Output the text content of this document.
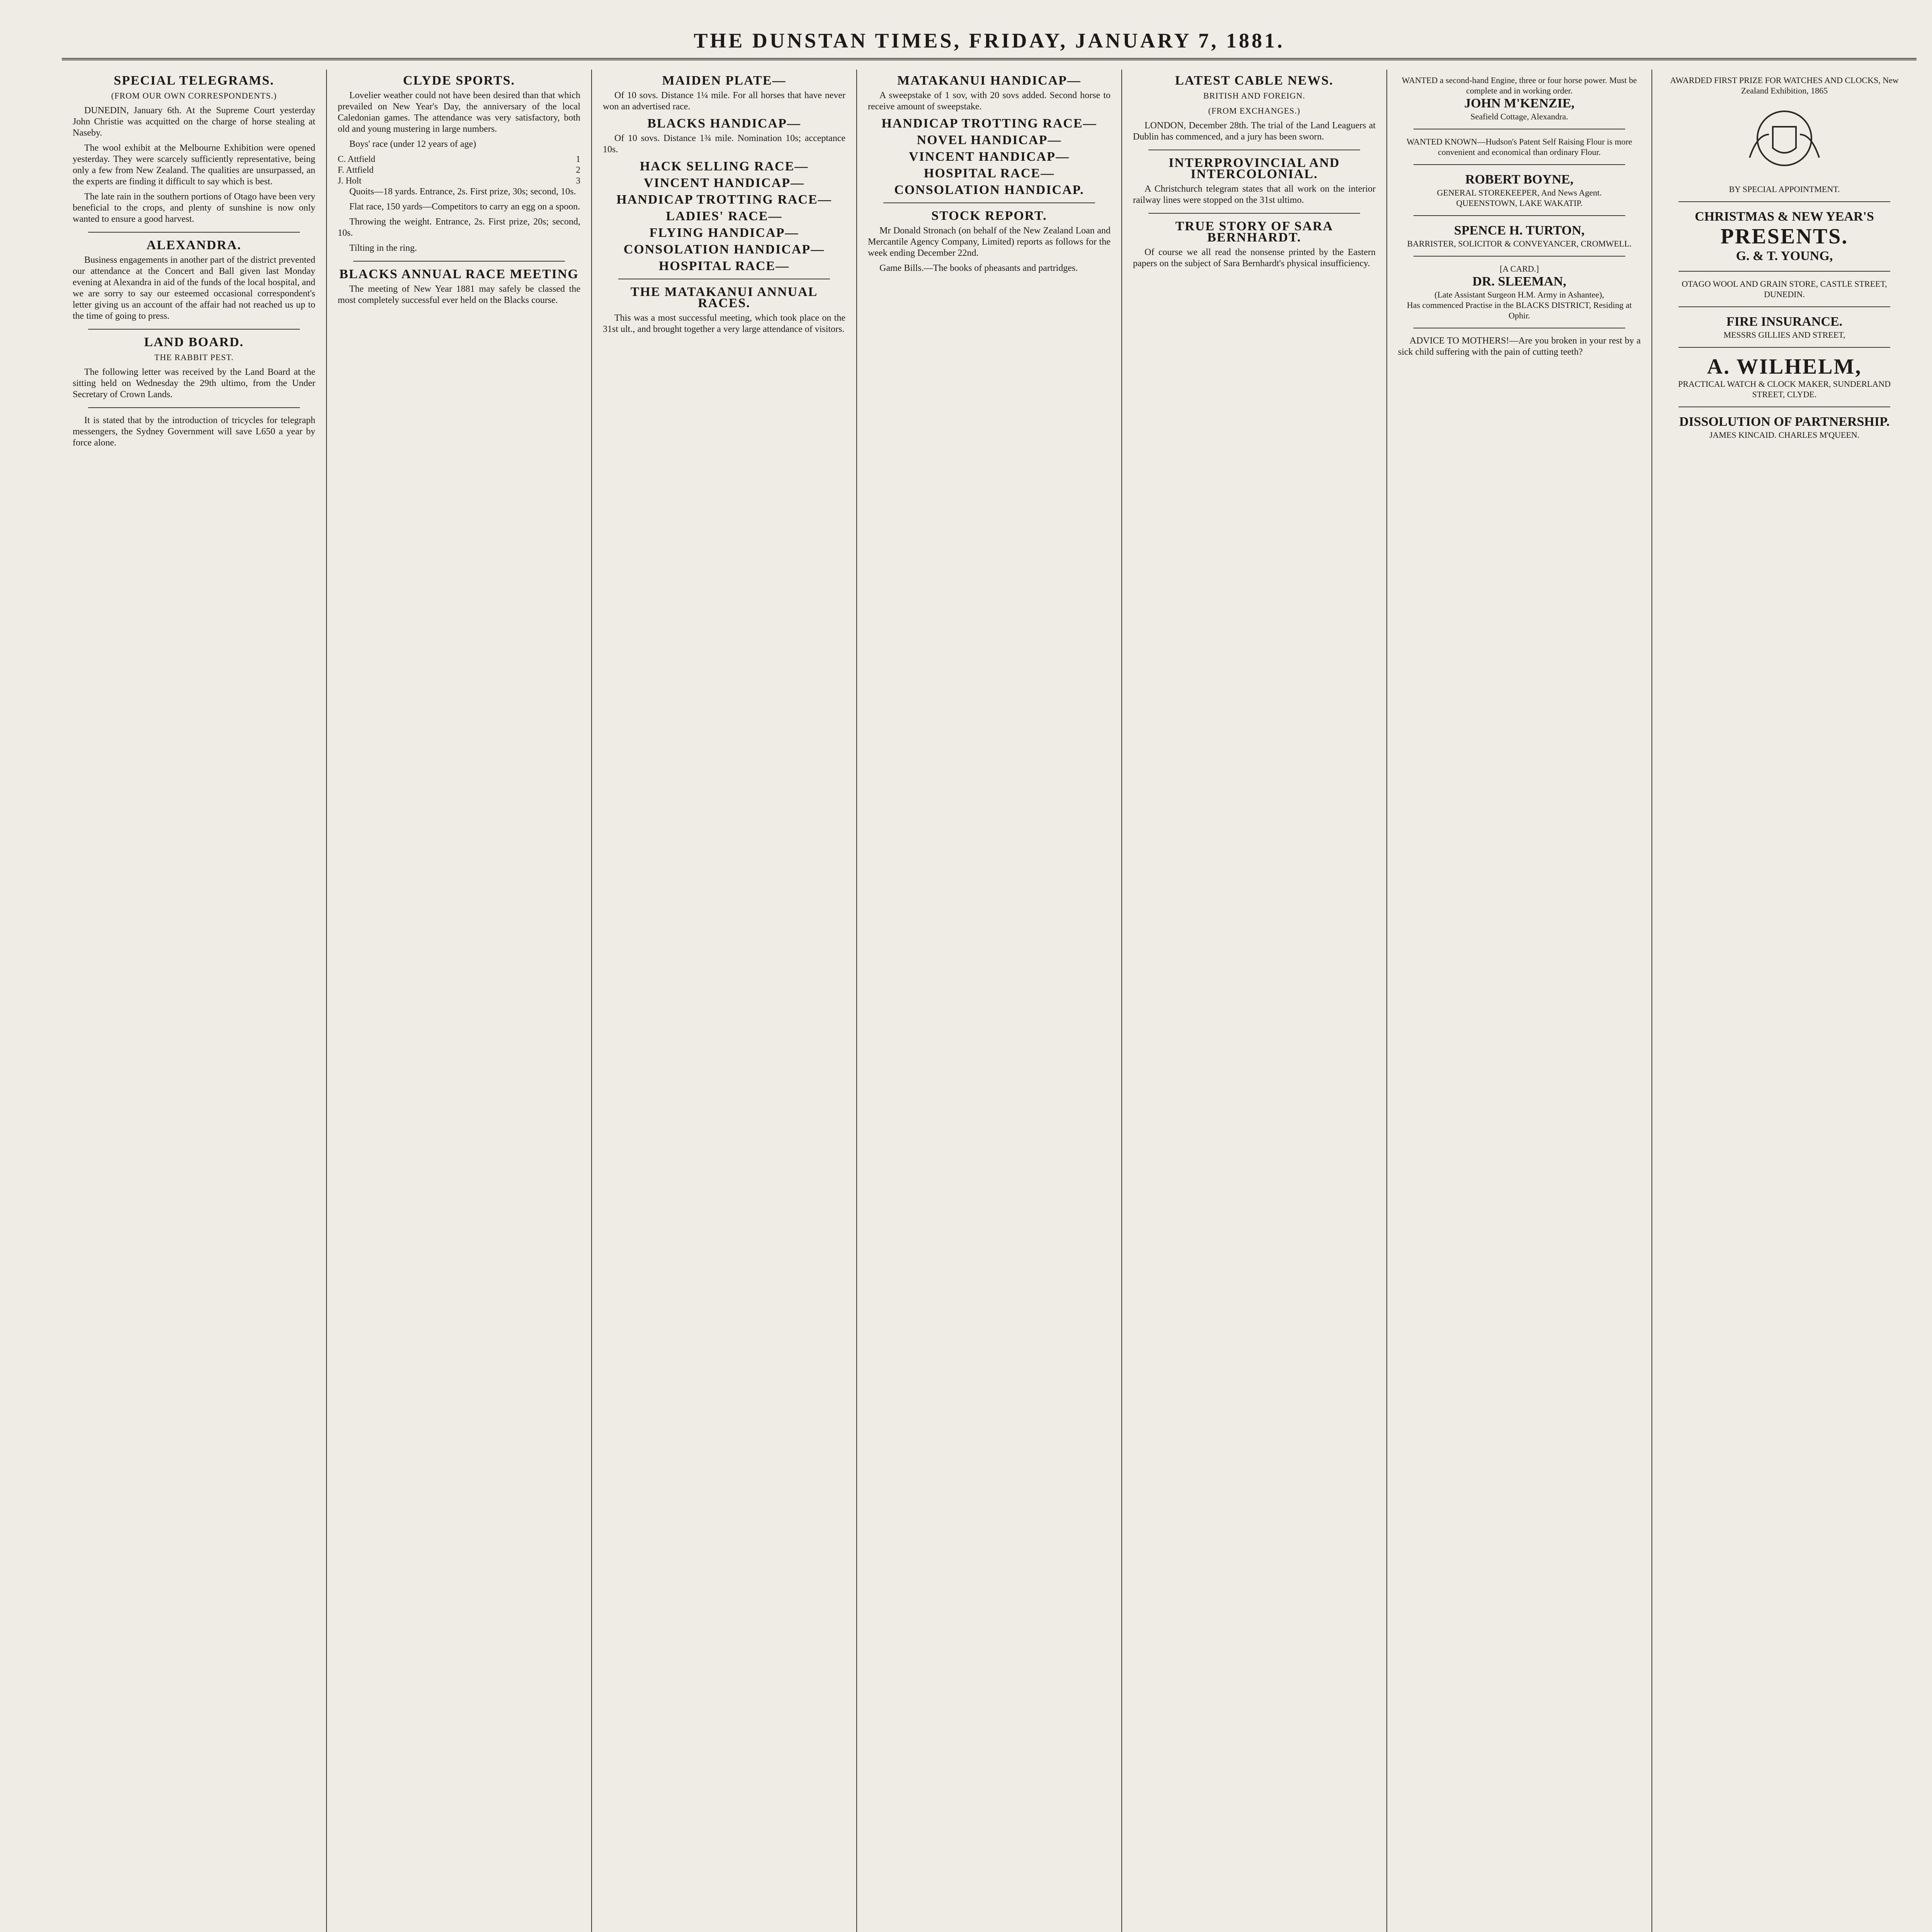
THE DUNSTAN TIMES, FRIDAY, JANUARY 7, 1881.
SPECIAL TELEGRAMS.
(FROM OUR OWN CORRESPONDENTS.)

DUNEDIN, January 6th. At the Supreme Court yesterday John Christie was acquitted on the charge of horse stealing at Naseby.

The wool exhibit at the Melbourne Exhibition were opened yesterday. They were scarcely sufficiently representative, being only a few from New Zealand. The qualities are unsurpassed, an the experts are finding it difficult to say which is best.

The late rain in the southern portions of Otago have been very beneficial to the crops, and plenty of sunshine is now only wanted to ensure a good harvest.

ALEXANDRA.

Business engagements in another part of the district prevented our attendance at the Concert and Ball given last Monday evening at Alexandra in aid of the funds of the local hospital, and we are sorry to say our esteemed occasional correspondent's letter giving us an account of the affair had not reached us up to the time of going to press.

LAND BOARD.
THE RABBIT PEST.

The following letter was received by the Land Board at the sitting held on Wednesday the 29th ultimo, from the Under Secretary of Crown Lands.

It is stated that by the introduction of tricycles for telegraph messengers, the Sydney Government will save L650 a year by force alone.

CLYDE SPORTS.

Lovelier weather could not have been desired than that which prevailed on New Year's Day, the anniversary of the local Caledonian games. The attendance was very satisfactory, both old and young mustering in large numbers.

Boys' race (under 12 years of age)

C. Attfield	1
F. Attfield	2
J. Holt	3

Quoits—18 yards. Entrance, 2s. First prize, 30s; second, 10s.

Flat race, 150 yards—Competitors to carry an egg on a spoon.

Throwing the weight. Entrance, 2s. First prize, 20s; second, 10s.

Tilting in the ring.

BLACKS ANNUAL RACE MEETING

The meeting of New Year 1881 may safely be classed the most completely successful ever held on the Blacks course.

MAIDEN PLATE—

Of 10 sovs. Distance 1¼ mile. For all horses that have never won an advertised race.

BLACKS HANDICAP—

Of 10 sovs. Distance 1¾ mile. Nomination 10s; acceptance 10s.

HACK SELLING RACE—
VINCENT HANDICAP—
HANDICAP TROTTING RACE—
LADIES' RACE—
FLYING HANDICAP—
CONSOLATION HANDICAP—
HOSPITAL RACE—
THE MATAKANUI ANNUAL RACES.

This was a most successful meeting, which took place on the 31st ult., and brought together a very large attendance of visitors.

MATAKANUI HANDICAP—

A sweepstake of 1 sov, with 20 sovs added. Second horse to receive amount of sweepstake.

HANDICAP TROTTING RACE—
NOVEL HANDICAP—
VINCENT HANDICAP—
HOSPITAL RACE—
CONSOLATION HANDICAP.
STOCK REPORT.

Mr Donald Stronach (on behalf of the New Zealand Loan and Mercantile Agency Company, Limited) reports as follows for the week ending December 22nd.

Game Bills.—The books of pheasants and partridges.

LATEST CABLE NEWS.
BRITISH AND FOREIGN.
(FROM EXCHANGES.)

LONDON, December 28th. The trial of the Land Leaguers at Dublin has commenced, and a jury has been sworn.

INTERPROVINCIAL AND INTERCOLONIAL.

A Christchurch telegram states that all work on the interior railway lines were stopped on the 31st ultimo.

TRUE STORY OF SARA BERNHARDT.

Of course we all read the nonsense printed by the Eastern papers on the subject of Sara Bernhardt's physical insufficiency.

WANTED a second-hand Engine, three or four horse power. Must be complete and in working order.
JOHN M'KENZIE,
Seafield Cottage, Alexandra.
WANTED KNOWN—Hudson's Patent Self Raising Flour is more convenient and economical than ordinary Flour.
ROBERT BOYNE,
GENERAL STOREKEEPER, And News Agent.
QUEENSTOWN, LAKE WAKATIP.
SPENCE H. TURTON,
BARRISTER, SOLICITOR & CONVEYANCER, CROMWELL.
[A CARD.]
DR. SLEEMAN,
(Late Assistant Surgeon H.M. Army in Ashantee),
Has commenced Practise in the BLACKS DISTRICT, Residing at Ophir.

ADVICE TO MOTHERS!—Are you broken in your rest by a sick child suffering with the pain of cutting teeth?

AWARDED FIRST PRIZE FOR WATCHES AND CLOCKS, New Zealand Exhibition, 1865
BY SPECIAL APPOINTMENT.
CHRISTMAS & NEW YEAR'S
PRESENTS.
G. & T. YOUNG,
OTAGO WOOL AND GRAIN STORE, CASTLE STREET, DUNEDIN.
FIRE INSURANCE.
MESSRS GILLIES AND STREET,
A. WILHELM,
PRACTICAL WATCH & CLOCK MAKER, SUNDERLAND STREET, CLYDE.
DISSOLUTION OF PARTNERSHIP.
JAMES KINCAID. CHARLES M'QUEEN.
